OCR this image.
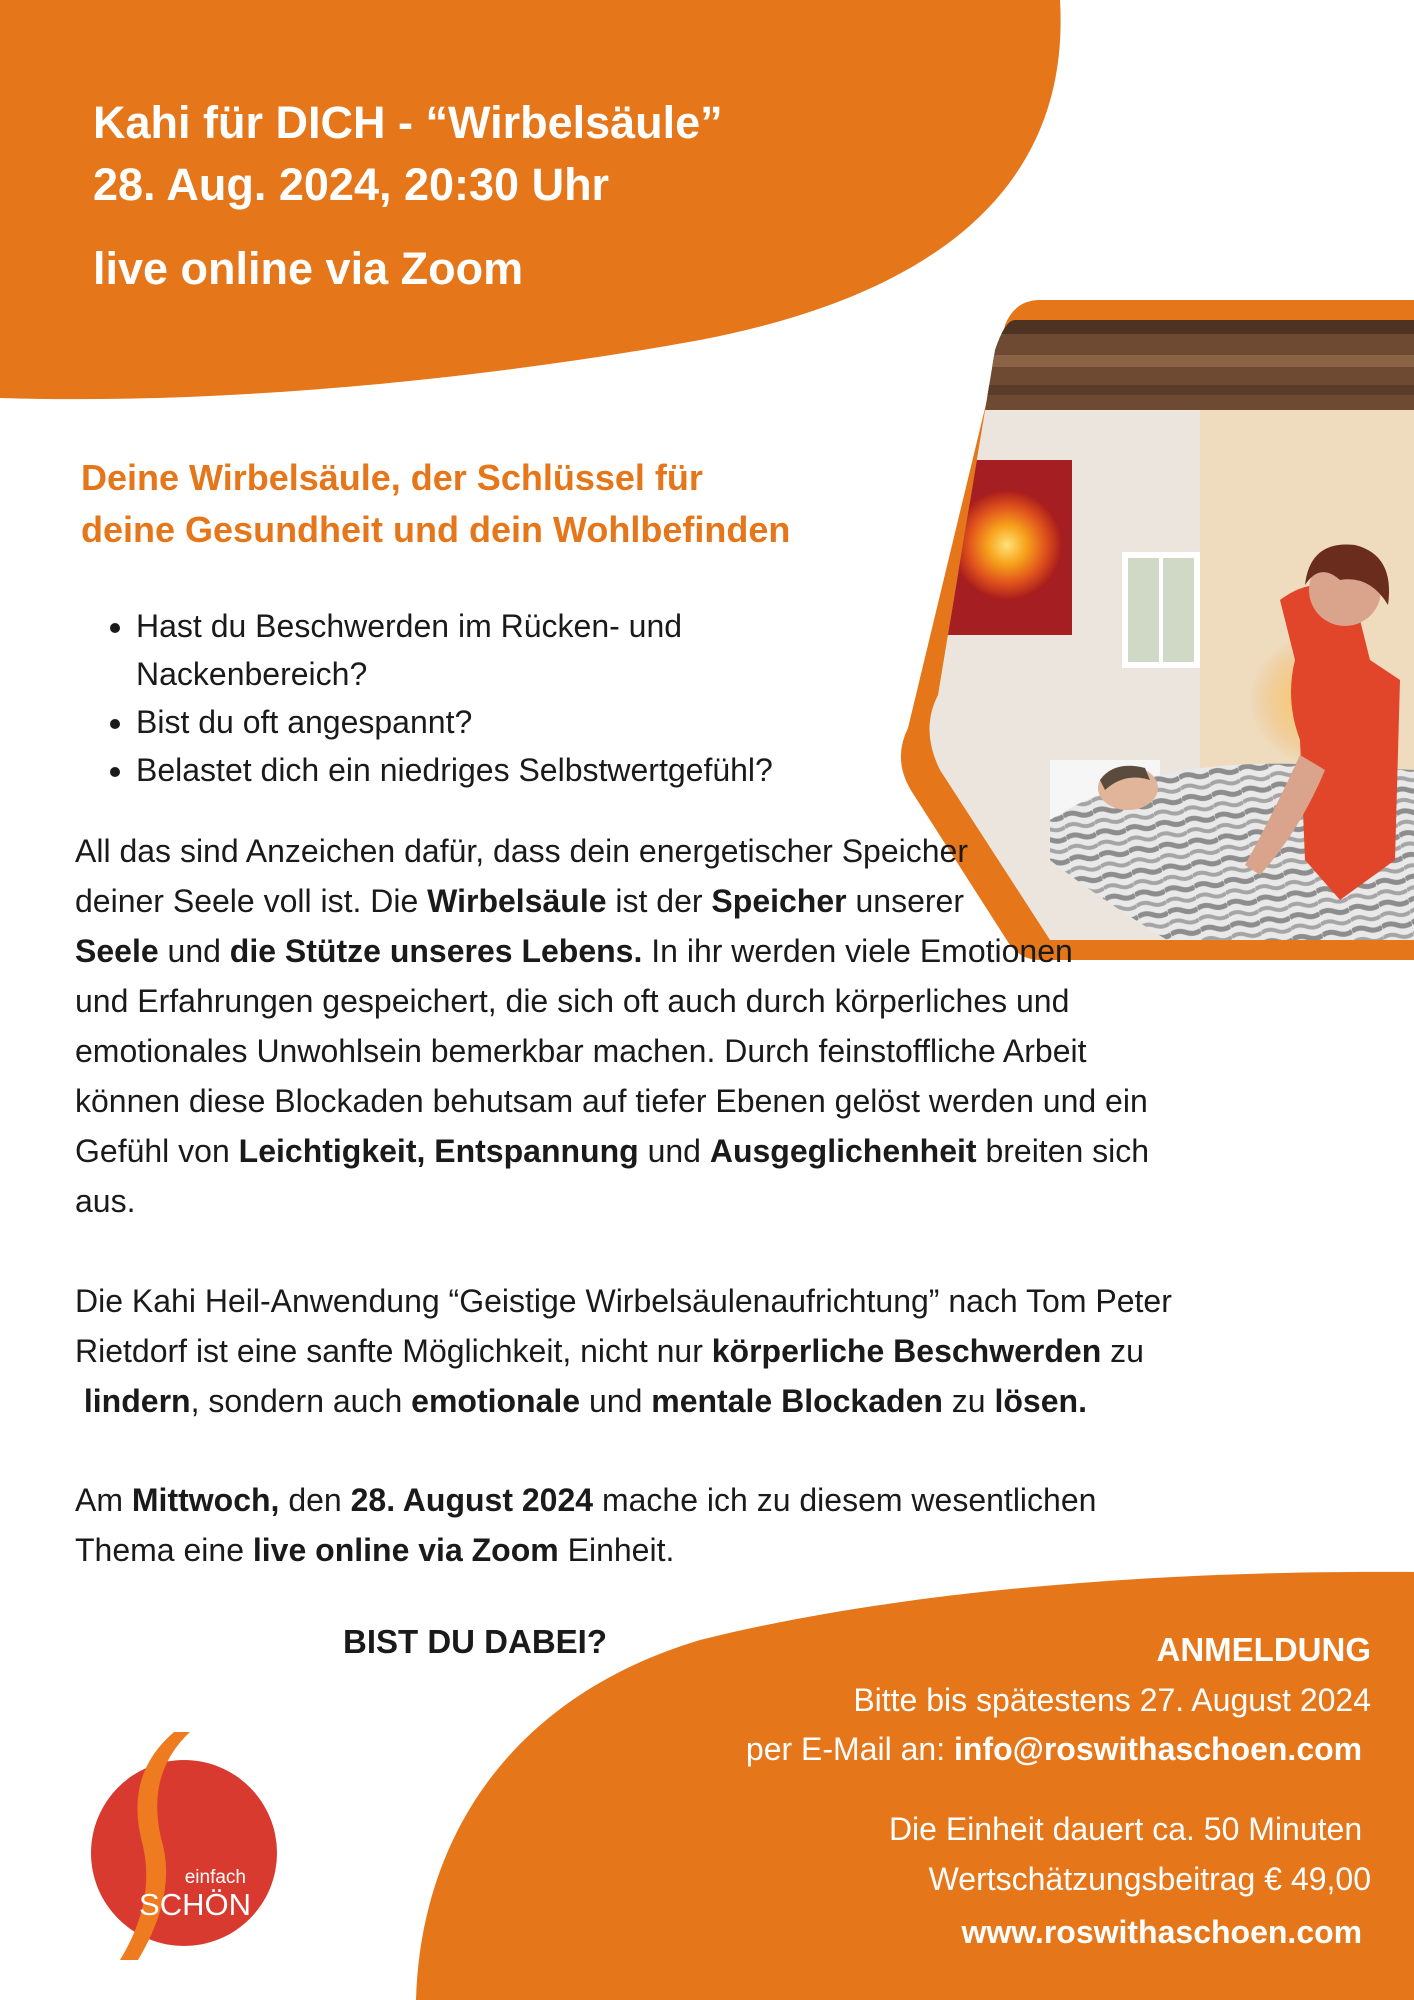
Kahi für DICH - “Wirbelsäule”
28. Aug. 2024, 20:30 Uhr
live online via Zoom
Deine Wirbelsäule, der Schlüssel für
deine Gesundheit und dein Wohlbefinden
• Hast du Beschwerden im Rücken- und
Nackenbereich?
• Bist du oft angespannt?
• Belastet dich ein niedriges Selbstwertgefühl?

All das sind Anzeichen dafür, dass dein energetischer Speicher
deiner Seele voll ist. Die Wirbelsäule ist der Speicher unserer
Seele und die Stütze unseres Lebens. In ihr werden viele Emotionen
und Erfahrungen gespeichert, die sich oft auch durch körperliches und
emotionales Unwohlsein bemerkbar machen. Durch feinstoffliche Arbeit
können diese Blockaden behutsam auf tiefer Ebenen gelöst werden und ein
Gefühl von Leichtigkeit, Entspannung und Ausgeglichenheit breiten sich
aus.

Die Kahi Heil-Anwendung “Geistige Wirbelsäulenaufrichtung” nach Tom Peter
Rietdorf ist eine sanfte Möglichkeit, nicht nur körperliche Beschwerden zu
lindern, sondern auch emotionale und mentale Blockaden zu lösen.

Am Mittwoch, den 28. August 2024 mache ich zu diesem wesentlichen
Thema eine live online via Zoom Einheit.

BIST DU DABEI?	ANMELDUNG
Bitte bis spätestens 27. August 2024
per E-Mail an: info@roswithaschoen.com
Die Einheit dauert ca. 50 Minuten
Wertschätzungsbeitrag € 49,00
www.roswithaschoen.com
einfach
SCHÖN
